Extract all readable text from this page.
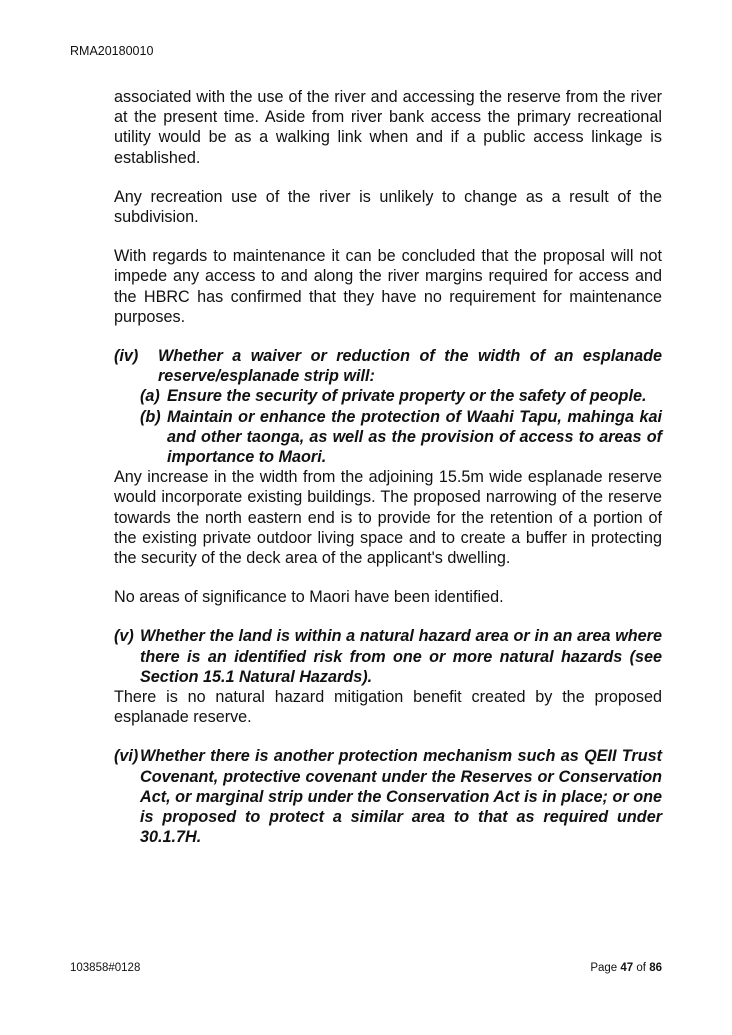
RMA20180010

associated with the use of the river and accessing the reserve from the river at the present time. Aside from river bank access the primary recreational utility would be as a walking link when and if a public access linkage is established.

Any recreation use of the river is unlikely to change as a result of the subdivision.

With regards to maintenance it can be concluded that the proposal will not impede any access to and along the river margins required for access and the HBRC has confirmed that they have no requirement for maintenance purposes.

(iv)	Whether a waiver or reduction of the width of an esplanade reserve/esplanade strip will:
(a) Ensure the security of private property or the safety of people.
(b) Maintain or enhance the protection of Waahi Tapu, mahinga kai and other taonga, as well as the provision of access to areas of importance to Maori.

Any increase in the width from the adjoining 15.5m wide esplanade reserve would incorporate existing buildings. The proposed narrowing of the reserve towards the north eastern end is to provide for the retention of a portion of the existing private outdoor living space and to create a buffer in protecting the security of the deck area of the applicant's dwelling.

No areas of significance to Maori have been identified.

(v) Whether the land is within a natural hazard area or in an area where there is an identified risk from one or more natural hazards (see Section 15.1 Natural Hazards).

There is no natural hazard mitigation benefit created by the proposed esplanade reserve.

(vi) Whether there is another protection mechanism such as QEII Trust Covenant, protective covenant under the Reserves or Conservation Act, or marginal strip under the Conservation Act is in place; or one is proposed to protect a similar area to that as required under 30.1.7H.
103858#0128	Page 47 of 86
